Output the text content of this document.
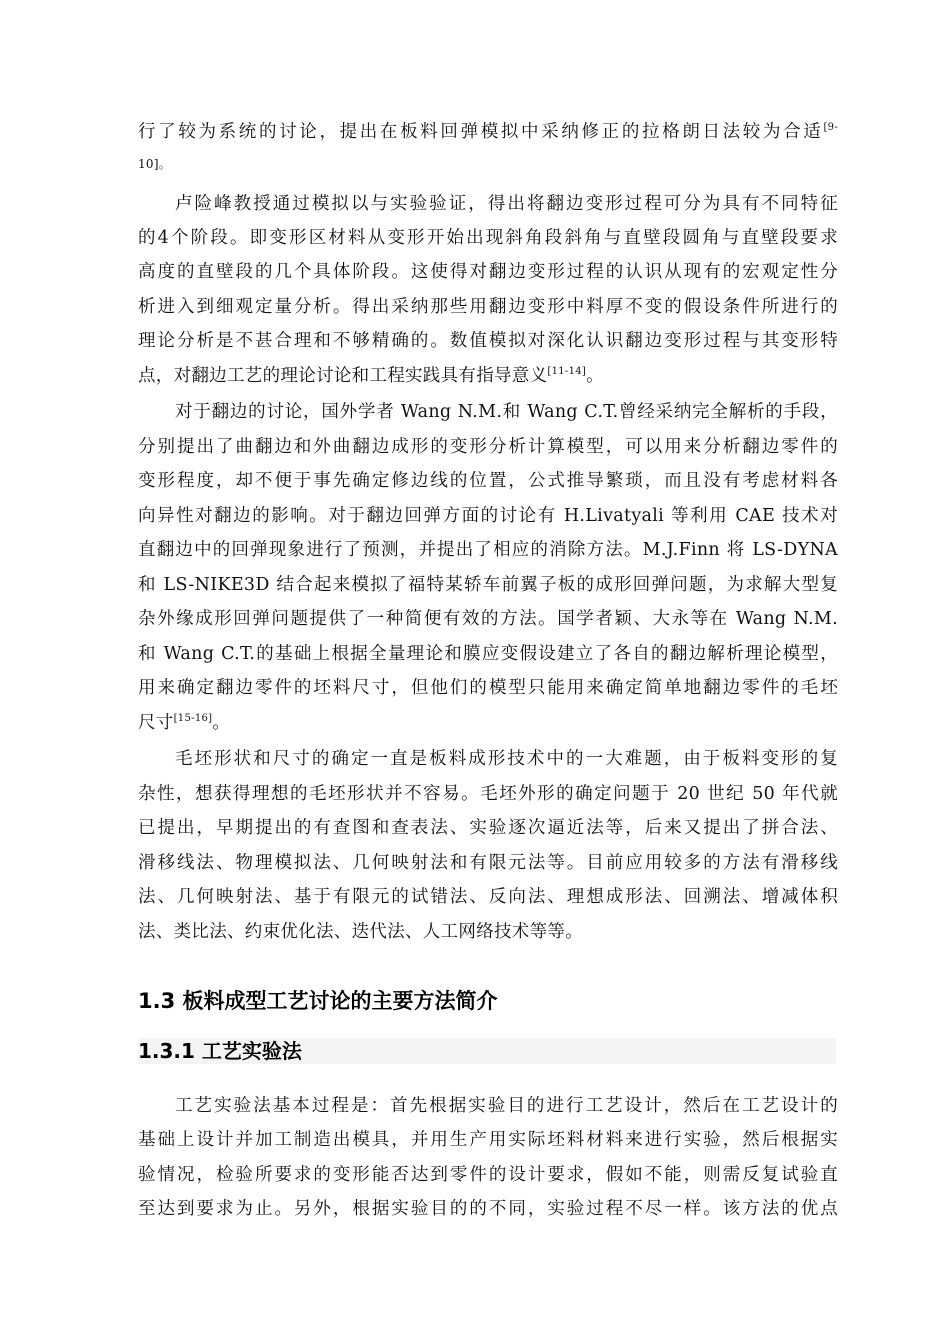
行了较为系统的讨论，提出在板料回弹模拟中采纳修正的拉格朗日法较为合适$^{[9-}$
10]。
卢险峰教授通过模拟以与实验验证，得出将翻边变形过程可分为具有不同特征
的4个阶段。即变形区材料从变形开始出现斜角段斜角与直壁段圆角与直壁段要求
高度的直壁段的几个具体阶段。这使得对翻边变形过程的认识从现有的宏观定性分
析进入到细观定量分析。得出采纳那些用翻边变形中料厚不变的假设条件所进行的
理论分析是不甚合理和不够精确的。数值模拟对深化认识翻边变形过程与其变形特
点，对翻边工艺的理论讨论和工程实践具有指导意义[11-14]。
对于翻边的讨论，国外学者 Wang N.M.和 Wang C.T.曾经采纳完全解析的手段，
分别提出了曲翻边和外曲翻边成形的变形分析计算模型，可以用来分析翻边零件的
变形程度，却不便于事先确定修边线的位置，公式推导繁琐，而且没有考虑材料各
向异性对翻边的影响。对于翻边回弹方面的讨论有 H.Livatyali 等利用 CAE 技术对
直翻边中的回弹现象进行了预测，并提出了相应的消除方法。M.J.Finn 将 LS-DYNA
和 LS-NIKE3D 结合起来模拟了福特某轿车前翼子板的成形回弹问题，为求解大型复
杂外缘成形回弹问题提供了一种简便有效的方法。国学者颖、大永等在 Wang N.M.
和 Wang C.T.的基础上根据全量理论和膜应变假设建立了各自的翻边解析理论模型，
用来确定翻边零件的坯料尺寸，但他们的模型只能用来确定简单地翻边零件的毛坯
尺寸[15-16]。
毛坯形状和尺寸的确定一直是板料成形技术中的一大难题，由于板料变形的复
杂性，想获得理想的毛坯形状并不容易。毛坯外形的确定问题于 20 世纪 50 年代就
已提出，早期提出的有查图和查表法、实验逐次逼近法等，后来又提出了拼合法、
滑移线法、物理模拟法、几何映射法和有限元法等。目前应用较多的方法有滑移线
法、几何映射法、基于有限元的试错法、反向法、理想成形法、回溯法、增减体积
法、类比法、约束优化法、迭代法、人工网络技术等等。
1.3 板料成型工艺讨论的主要方法简介
1.3.1 工艺实验法
工艺实验法基本过程是：首先根据实验目的进行工艺设计，然后在工艺设计的
基础上设计并加工制造出模具，并用生产用实际坯料材料来进行实验，然后根据实
验情况，检验所要求的变形能否达到零件的设计要求，假如不能，则需反复试验直
至达到要求为止。另外，根据实验目的的不同，实验过程不尽一样。该方法的优点
